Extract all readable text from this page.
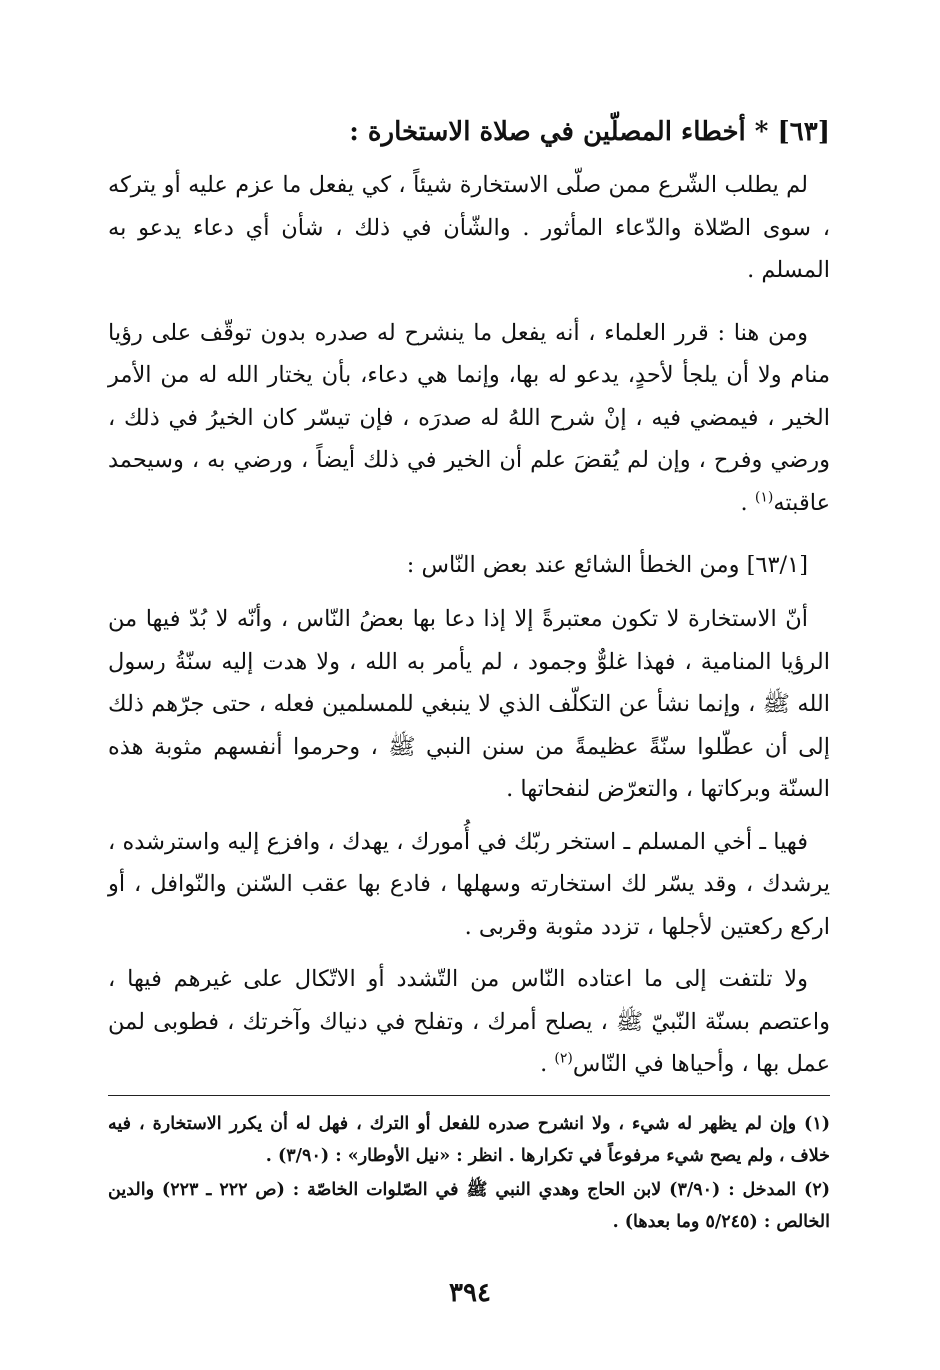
[٦٣] * أخطاء المصلّين في صلاة الاستخارة :

لم يطلب الشّرع ممن صلّى الاستخارة شيئاً ، كي يفعل ما عزم عليه أو يتركه ، سوى الصّلاة والدّعاء المأثور . والشّأن في ذلك ، شأن أي دعاء يدعو به المسلم .

ومن هنا : قرر العلماء ، أنه يفعل ما ينشرح له صدره بدون توقّف على رؤيا منام ولا أن يلجأ لأحدٍ، يدعو له بها، وإنما هي دعاء، بأن يختار الله له من الأمر الخير ، فيمضي فيه ، إنْ شرح اللهُ له صدرَه ، فإن تيسّر كان الخيرُ في ذلك ، ورضي وفرح ، وإن لم يُقضَ علم أن الخير في ذلك أيضاً ، ورضي به ، وسيحمد عاقبته$^{(١)}$ .

[٦٣/١] ومن الخطأ الشائع عند بعض النّاس :

أنّ الاستخارة لا تكون معتبرةً إلا إذا دعا بها بعضُ النّاس ، وأنّه لا بُدّ فيها من الرؤيا المنامية ، فهذا غلوٌّ وجمود ، لم يأمر به الله ، ولا هدت إليه سنّةُ رسول الله ﷺ ، وإنما نشأ عن التكلّف الذي لا ينبغي للمسلمين فعله ، حتى جرّهم ذلك إلى أن عطّلوا سنّةً عظيمةً من سنن النبي ﷺ ، وحرموا أنفسهم مثوبة هذه السنّة وبركاتها ، والتعرّض لنفحاتها .

فهيا ـ أخي المسلم ـ استخر ربّك في أُمورك ، يهدك ، وافزع إليه واسترشده ، يرشدك ، وقد يسّر لك استخارته وسهلها ، فادع بها عقب السّنن والنّوافل ، أو اركع ركعتين لأجلها ، تزدد مثوبة وقربى .

ولا تلتفت إلى ما اعتاده النّاس من التّشدد أو الاتّكال على غيرهم فيها ، واعتصم بسنّة النّبيّ ﷺ ، يصلح أمرك ، وتفلح في دنياك وآخرتك ، فطوبى لمن عمل بها ، وأحياها في النّاس$^{(٢)}$ .

(١) وإن لم يظهر له شيء ، ولا انشرح صدره للفعل أو الترك ، فهل له أن يكرر الاستخارة ، فيه خلاف ، ولم يصح شيء مرفوعاً في تكرارها . انظر : «نيل الأوطار» : (٣/٩٠) .

(٢) المدخل : (٣/٩٠) لابن الحاج وهدي النبي ﷺ في الصّلوات الخاصّة : (ص ٢٢٢ ـ ٢٢٣) والدين الخالص : (٥/٢٤٥ وما بعدها) .

٣٩٤
